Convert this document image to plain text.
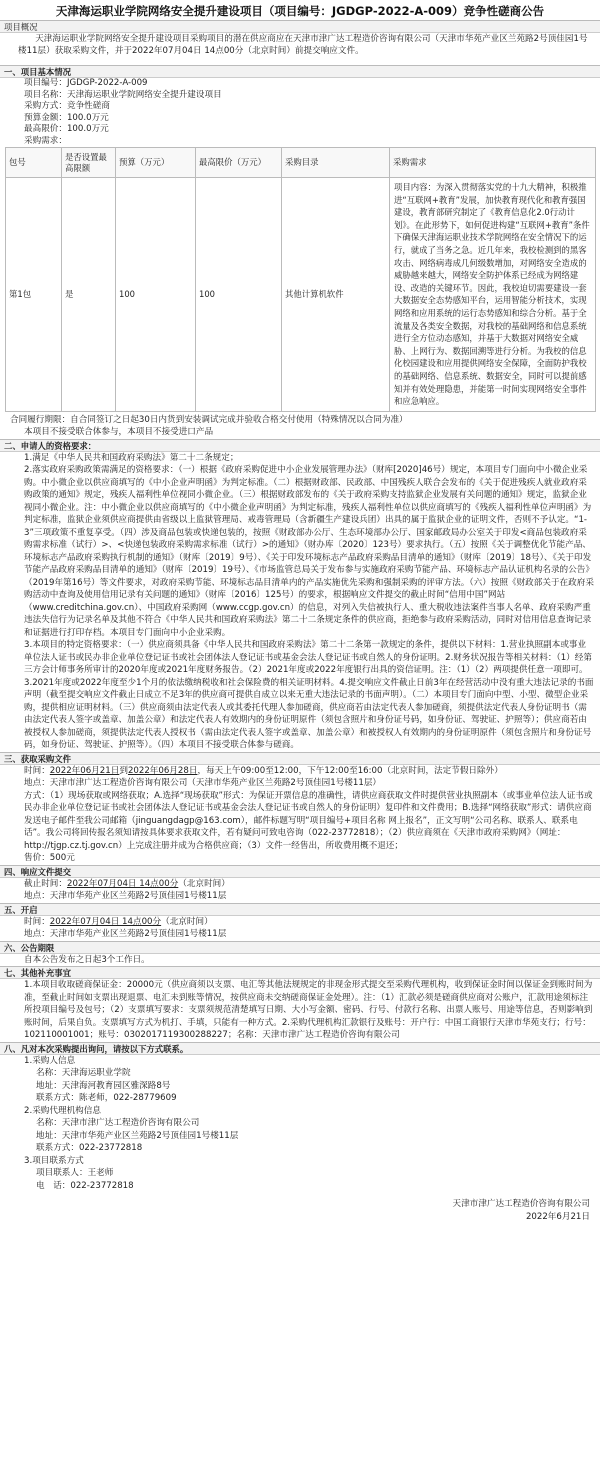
天津海运职业学院网络安全提升建设项目（项目编号：JGDGP-2022-A-009）竞争性磋商公告
项目概况
天津海运职业学院网络安全提升建设项目采购项目的潜在供应商应在天津市津广达工程造价咨询有限公司（天津市华苑产业区兰苑路2号顶佳园1号楼11层）获取采购文件，并于2022年07月04日 14点00分（北京时间）前提交响应文件。
一、项目基本情况
项目编号：JGDGP-2022-A-009
项目名称：天津海运职业学院网络安全提升建设项目
采购方式：竞争性磋商
预算金额：100.0万元
最高限价：100.0万元
采购需求：
包号	是否设置最高限额	预算（万元）	最高限价（万元）	采购目录	采购需求
第1包	是	100	100	其他计算机软件	项目内容：为深入贯彻落实党的十九大精神，积极推进“互联网+教育”发展，加快教育现代化和教育强国建设，教育部研究制定了《教育信息化2.0行动计划》。在此形势下，如何促进构建“互联网+教育”条件下确保天津海运职业技术学院网络在安全情况下的运行，就成了当务之急。近几年来，我校检测到的黑客攻击、网络病毒成几何级数增加，对网络安全造成的威胁越来越大，网络安全防护体系已经成为网络建设、改造的关键环节。因此，我校迫切需要建设一套大数据安全态势感知平台，运用智能分析技术，实现网络和应用系统的运行态势感知和综合分析。基于全流量及各类安全数据，对我校的基础网络和信息系统进行全方位动态感知，并基于大数据对网络安全威胁、上网行为、数据回溯等进行分析。为我校的信息化校园建设和应用提供网络安全保障，全面防护我校的基础网络、信息系统、数据安全，同时可以提前感知并有效处理隐患，并能第一时间实现网络安全事件和应急响应。
合同履行期限：自合同签订之日起30日内货到安装调试完成并验收合格交付使用（特殊情况以合同为准）
本项目不接受联合体参与，本项目不接受进口产品
二、申请人的资格要求：
1.满足《中华人民共和国政府采购法》第二十二条规定；
2.落实政府采购政策需满足的资格要求：（一）根据《政府采购促进中小企业发展管理办法》（财库[2020]46号）规定，本项目专门面向中小微企业采购。中小微企业以供应商填写的《中小企业声明函》为判定标准。（二）根据财政部、民政部、中国残疾人联合会发布的《关于促进残疾人就业政府采购政策的通知》规定，残疾人福利性单位视同小微企业。（三）根据财政部发布的《关于政府采购支持监狱企业发展有关问题的通知》规定，监狱企业视同小微企业。注：中小微企业以供应商填写的《中小微企业声明函》为判定标准，残疾人福利性单位以供应商填写的《残疾人福利性单位声明函》为判定标准，监狱企业须供应商提供由省级以上监狱管理局、戒毒管理局（含新疆生产建设兵团）出具的属于监狱企业的证明文件，否则不予认定。“1-3”三项政策不重复享受。（四）涉及商品包装或快递包装的，按照《财政部办公厅、生态环境部办公厅、国家邮政局办公室关于印发<商品包装政府采购需求标准（试行）>、<快递包装政府采购需求标准（试行）>的通知》（财办库〔2020〕123号）要求执行。（五）按照《关于调整优化节能产品、环境标志产品政府采购执行机制的通知》（财库〔2019〕9号）、《关于印发环境标志产品政府采购品目清单的通知》（财库〔2019〕18号）、《关于印发节能产品政府采购品目清单的通知》（财库〔2019〕19号）、《市场监管总局关于发布参与实施政府采购节能产品、环境标志产品认证机构名录的公告》（2019年第16号）等文件要求，对政府采购节能、环境标志品目清单内的产品实施优先采购和强制采购的评审方法。（六）按照《财政部关于在政府采购活动中查询及使用信用记录有关问题的通知》（财库〔2016〕125号）的要求，根据响应文件提交的截止时间“信用中国”网站（www.creditchina.gov.cn）、中国政府采购网（www.ccgp.gov.cn）的信息，对列入失信被执行人、重大税收违法案件当事人名单、政府采购严重违法失信行为记录名单及其他不符合《中华人民共和国政府采购法》第二十二条规定条件的供应商，拒绝参与政府采购活动，同时对信用信息查询记录和证据进行打印存档。本项目专门面向中小企业采购。
3.本项目的特定资格要求：（一）供应商须具备《中华人民共和国政府采购法》第二十二条第一款规定的条件，提供以下材料：1.营业执照副本或事业单位法人证书或民办非企业单位登记证书或社会团体法人登记证书或基金会法人登记证书或自然人的身份证明。2.财务状况报告等相关材料：（1）经第三方会计师事务所审计的2020年度或2021年度财务报告。（2）2021年度或2022年度银行出具的资信证明。注：（1）（2）两项提供任意一项即可。3.2021年度或2022年度至少1个月的依法缴纳税收和社会保险费的相关证明材料。4.提交响应文件截止日前3年在经营活动中没有重大违法记录的书面声明（截至提交响应文件截止日成立不足3年的供应商可提供自成立以来无重大违法记录的书面声明）。（二）本项目专门面向中型、小型、微型企业采购，提供相应证明材料。（三）供应商须由法定代表人或其委托代理人参加磋商，供应商若由法定代表人参加磋商，须提供法定代表人身份证明书（需由法定代表人签字或盖章、加盖公章）和法定代表人有效期内的身份证明原件（须包含照片和身份证号码，如身份证、驾驶证、护照等）；供应商若由被授权人参加磋商，须提供法定代表人授权书（需由法定代表人签字或盖章、加盖公章）和被授权人有效期内的身份证明原件（须包含照片和身份证号码，如身份证、驾驶证、护照等）。（四）本项目不接受联合体参与磋商。
三、获取采购文件
时间：2022年06月21日到2022年06月28日，每天上午09:00至12:00，下午12:00至16:00（北京时间，法定节假日除外）
地点：天津市津广达工程造价咨询有限公司（天津市华苑产业区兰苑路2号顶佳园1号楼11层）
方式：（1）现场获取或网络获取；A.选择“现场获取”形式：为保证开票信息的准确性，请供应商获取文件时提供营业执照副本（或事业单位法人证书或民办非企业单位登记证书或社会团体法人登记证书或基金会法人登记证书或自然人的身份证明）复印件和文件费用；B.选择“网络获取”形式：请供应商发送电子邮件至我公司邮箱（jinguangdagp@163.com），邮件标题写明“项目编号+项目名称 网上报名”，正文写明“公司名称、联系人、联系电话”。我公司将回传报名须知请按具体要求获取文件，若有疑问可致电咨询（022-23772818）；（2）供应商须在《天津市政府采购网》（网址：http://tjgp.cz.tj.gov.cn）上完成注册并成为合格供应商；（3）文件一经售出，所收费用概不退还；
售价：500元
四、响应文件提交
截止时间：2022年07月04日 14点00分（北京时间）
地点：天津市华苑产业区兰苑路2号顶佳园1号楼11层
五、开启
时间：2022年07月04日 14点00分（北京时间）
地点：天津市华苑产业区兰苑路2号顶佳园1号楼11层
六、公告期限
自本公告发布之日起3个工作日。
七、其他补充事宜
1.本项目收取磋商保证金：20000元（供应商须以支票、电汇等其他法规规定的非现金形式提交至采购代理机构，收到保证金时间以保证金到账时间为准，至截止时间如支票出现退票、电汇未到账等情况，按供应商未交纳磋商保证金处理）。注：（1）汇款必须是磋商供应商对公账户，汇款用途须标注所投项目编号及包号；（2）支票填写要求：支票须规范清楚填写日期、大小写金额、密码、行号、付款行名称、出票人账号、用途等信息，否则影响到账时间，后果自负。支票填写方式为机打、手填，只能有一种方式。2.采购代理机构汇款银行及账号：开户行：中国工商银行天津市华苑支行；行号：102110001001；账号：0302017119300288227；名称：天津市津广达工程造价咨询有限公司
八、凡对本次采购提出询问，请按以下方式联系。
1.采购人信息
名称：天津海运职业学院
地址：天津海河教育园区雅深路8号
联系方式：陈老师，022-28779609
2.采购代理机构信息
名称：天津市津广达工程造价咨询有限公司
地址：天津市华苑产业区兰苑路2号顶佳园1号楼11层
联系方式：022-23772818
3.项目联系方式
项目联系人：王老师
电　话：022-23772818
天津市津广达工程造价咨询有限公司
2022年6月21日
